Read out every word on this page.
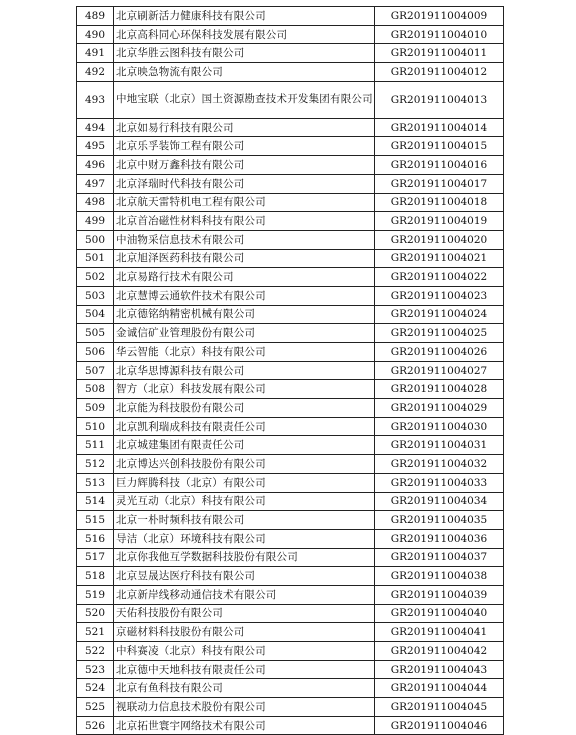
489	北京刷新活力健康科技有限公司	GR201911004009
490	北京高科同心环保科技发展有限公司	GR201911004010
491	北京华胜云图科技有限公司	GR201911004011
492	北京映急物流有限公司	GR201911004012
493	中地宝联（北京）国土资源勘查技术开发集团有限公司	GR201911004013
494	北京如易行科技有限公司	GR201911004014
495	北京乐孚装饰工程有限公司	GR201911004015
496	北京中财万鑫科技有限公司	GR201911004016
497	北京泽瑞时代科技有限公司	GR201911004017
498	北京航天雷特机电工程有限公司	GR201911004018
499	北京首冶磁性材料科技有限公司	GR201911004019
500	中油物采信息技术有限公司	GR201911004020
501	北京旭泽医药科技有限公司	GR201911004021
502	北京易路行技术有限公司	GR201911004022
503	北京慧博云通软件技术有限公司	GR201911004023
504	北京德铭纳精密机械有限公司	GR201911004024
505	金诚信矿业管理股份有限公司	GR201911004025
506	华云智能（北京）科技有限公司	GR201911004026
507	北京华思博源科技有限公司	GR201911004027
508	智方（北京）科技发展有限公司	GR201911004028
509	北京能为科技股份有限公司	GR201911004029
510	北京凯利瑞成科技有限责任公司	GR201911004030
511	北京城建集团有限责任公司	GR201911004031
512	北京博达兴创科技股份有限公司	GR201911004032
513	巨力辉腾科技（北京）有限公司	GR201911004033
514	灵光互动（北京）科技有限公司	GR201911004034
515	北京一朴时频科技有限公司	GR201911004035
516	导洁（北京）环境科技有限公司	GR201911004036
517	北京你我他互学数据科技股份有限公司	GR201911004037
518	北京昱晟达医疗科技有限公司	GR201911004038
519	北京新岸线移动通信技术有限公司	GR201911004039
520	天佑科技股份有限公司	GR201911004040
521	京磁材料科技股份有限公司	GR201911004041
522	中科赛凌（北京）科技有限公司	GR201911004042
523	北京德中天地科技有限责任公司	GR201911004043
524	北京有鱼科技有限公司	GR201911004044
525	视联动力信息技术股份有限公司	GR201911004045
526	北京拓世寰宇网络技术有限公司	GR201911004046
